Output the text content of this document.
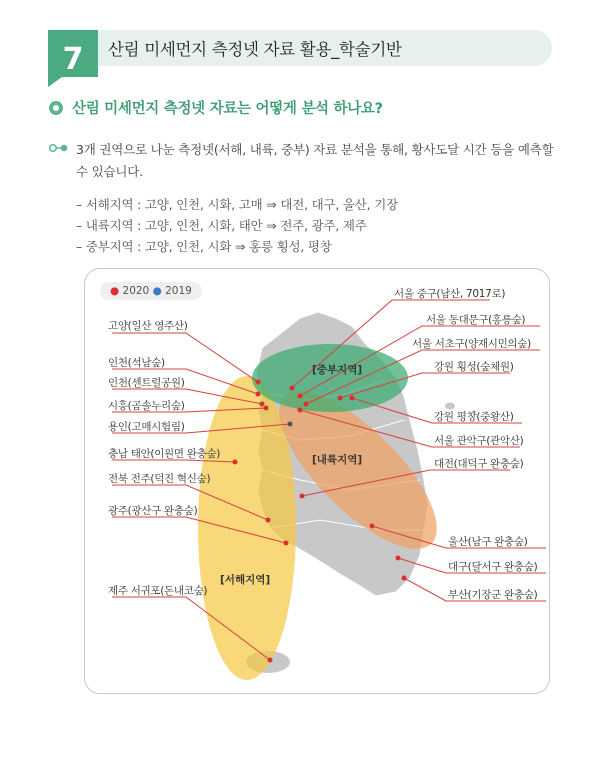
7	산림 미세먼지 측정넷 자료 활용_학술기반
산림 미세먼지 측정넷 자료는 어떻게 분석 하나요?
3개 권역으로 나눈 측정넷(서해, 내륙, 중부) 자료 분석을 통해, 황사도달 시간 등을 예측할 수 있습니다.
– 서해지역 : 고양, 인천, 시화, 고매 ⇒ 대전, 대구, 울산, 기장
– 내륙지역 : 고양, 인천, 시화, 태안 ⇒ 전주, 광주, 제주
– 중부지역 : 고양, 인천, 시화 ⇒ 홍릉 횡성, 평창
● 2020 ● 2019
[중부지역]
[내륙지역]
[서해지역]
고양(일산 영주산)
인천(석남숲)
인천(센트럴공원)
시흥(곰솔누리숲)
용인(고매시험림)
충남 태안(이원면 완충숲)
전북 전주(덕진 혁신숲)
광주(광산구 완충숲)
제주 서귀포(돈내코숲)
서울 중구(남산, 7017로)
서울 동대문구(홍릉숲)
서울 서초구(양재시민의숲)
강원 횡성(숲체원)
강원 평창(중왕산)
서울 관악구(관악산)
대전(대덕구 완충숲)
울산(남구 완충숲)
대구(달서구 완충숲)
부산(기장군 완충숲)
